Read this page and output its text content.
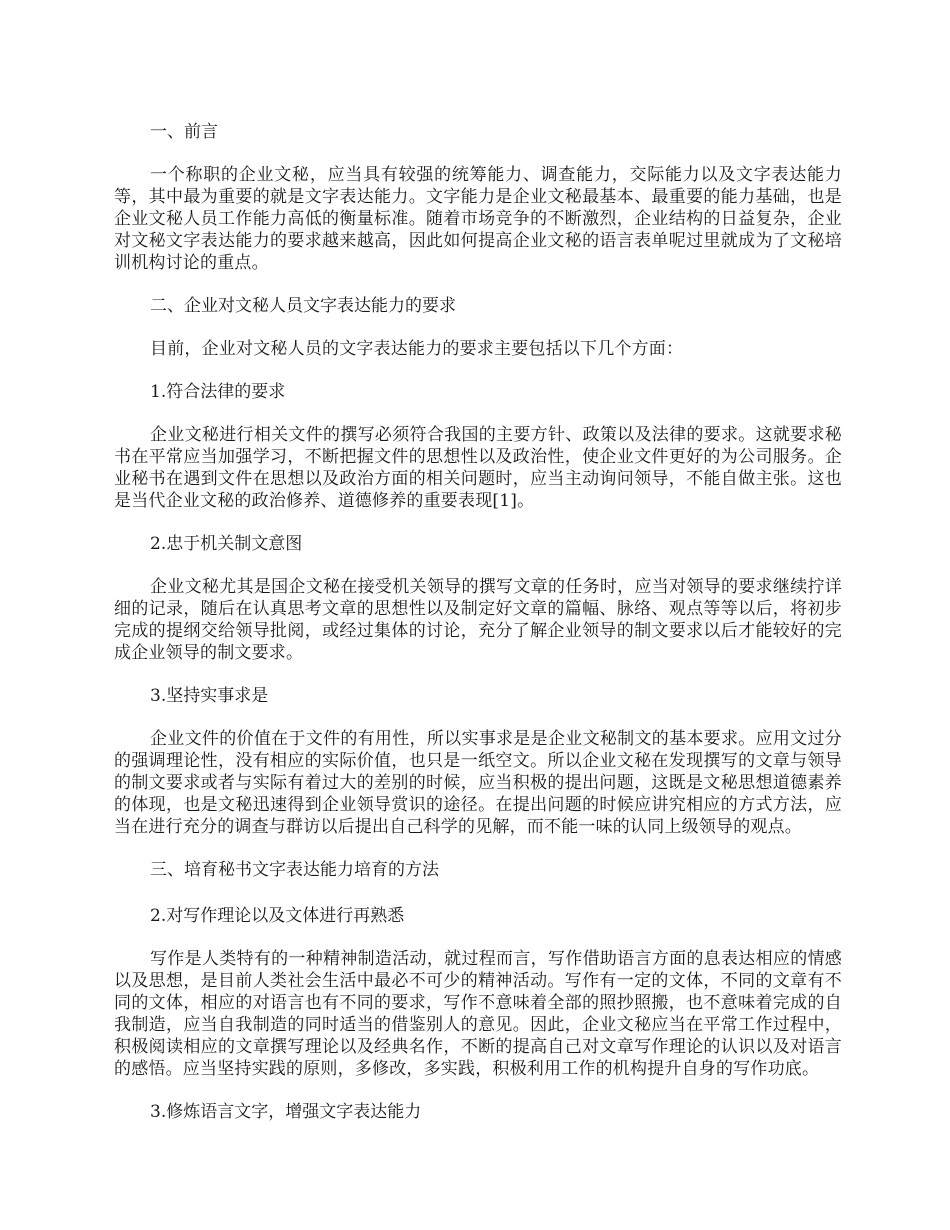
一、前言

一个称职的企业文秘，应当具有较强的统筹能力、调查能力，交际能力以及文字表达能力等，其中最为重要的就是文字表达能力。文字能力是企业文秘最基本、最重要的能力基础，也是企业文秘人员工作能力高低的衡量标准。随着市场竞争的不断激烈，企业结构的日益复杂，企业对文秘文字表达能力的要求越来越高，因此如何提高企业文秘的语言表单呢过里就成为了文秘培训机构讨论的重点。

二、企业对文秘人员文字表达能力的要求

目前，企业对文秘人员的文字表达能力的要求主要包括以下几个方面：

1.符合法律的要求

企业文秘进行相关文件的撰写必须符合我国的主要方针、政策以及法律的要求。这就要求秘书在平常应当加强学习，不断把握文件的思想性以及政治性，使企业文件更好的为公司服务。企业秘书在遇到文件在思想以及政治方面的相关问题时，应当主动询问领导，不能自做主张。这也是当代企业文秘的政治修养、道德修养的重要表现[1]。

2.忠于机关制文意图

企业文秘尤其是国企文秘在接受机关领导的撰写文章的任务时，应当对领导的要求继续拧详细的记录，随后在认真思考文章的思想性以及制定好文章的篇幅、脉络、观点等等以后，将初步完成的提纲交给领导批阅，或经过集体的讨论，充分了解企业领导的制文要求以后才能较好的完成企业领导的制文要求。

3.坚持实事求是

企业文件的价值在于文件的有用性，所以实事求是是企业文秘制文的基本要求。应用文过分的强调理论性，没有相应的实际价值，也只是一纸空文。所以企业文秘在发现撰写的文章与领导的制文要求或者与实际有着过大的差别的时候，应当积极的提出问题，这既是文秘思想道德素养的体现，也是文秘迅速得到企业领导赏识的途径。在提出问题的时候应讲究相应的方式方法，应当在进行充分的调查与群访以后提出自己科学的见解，而不能一味的认同上级领导的观点。

三、培育秘书文字表达能力培育的方法
2.对写作理论以及文体进行再熟悉

写作是人类特有的一种精神制造活动，就过程而言，写作借助语言方面的息表达相应的情感以及思想，是目前人类社会生活中最必不可少的精神活动。写作有一定的文体，不同的文章有不同的文体，相应的对语言也有不同的要求，写作不意味着全部的照抄照搬，也不意味着完成的自我制造，应当自我制造的同时适当的借鉴别人的意见。因此，企业文秘应当在平常工作过程中，积极阅读相应的文章撰写理论以及经典名作，不断的提高自己对文章写作理论的认识以及对语言的感悟。应当坚持实践的原则，多修改，多实践，积极利用工作的机构提升自身的写作功底。

3.修炼语言文字，增强文字表达能力
